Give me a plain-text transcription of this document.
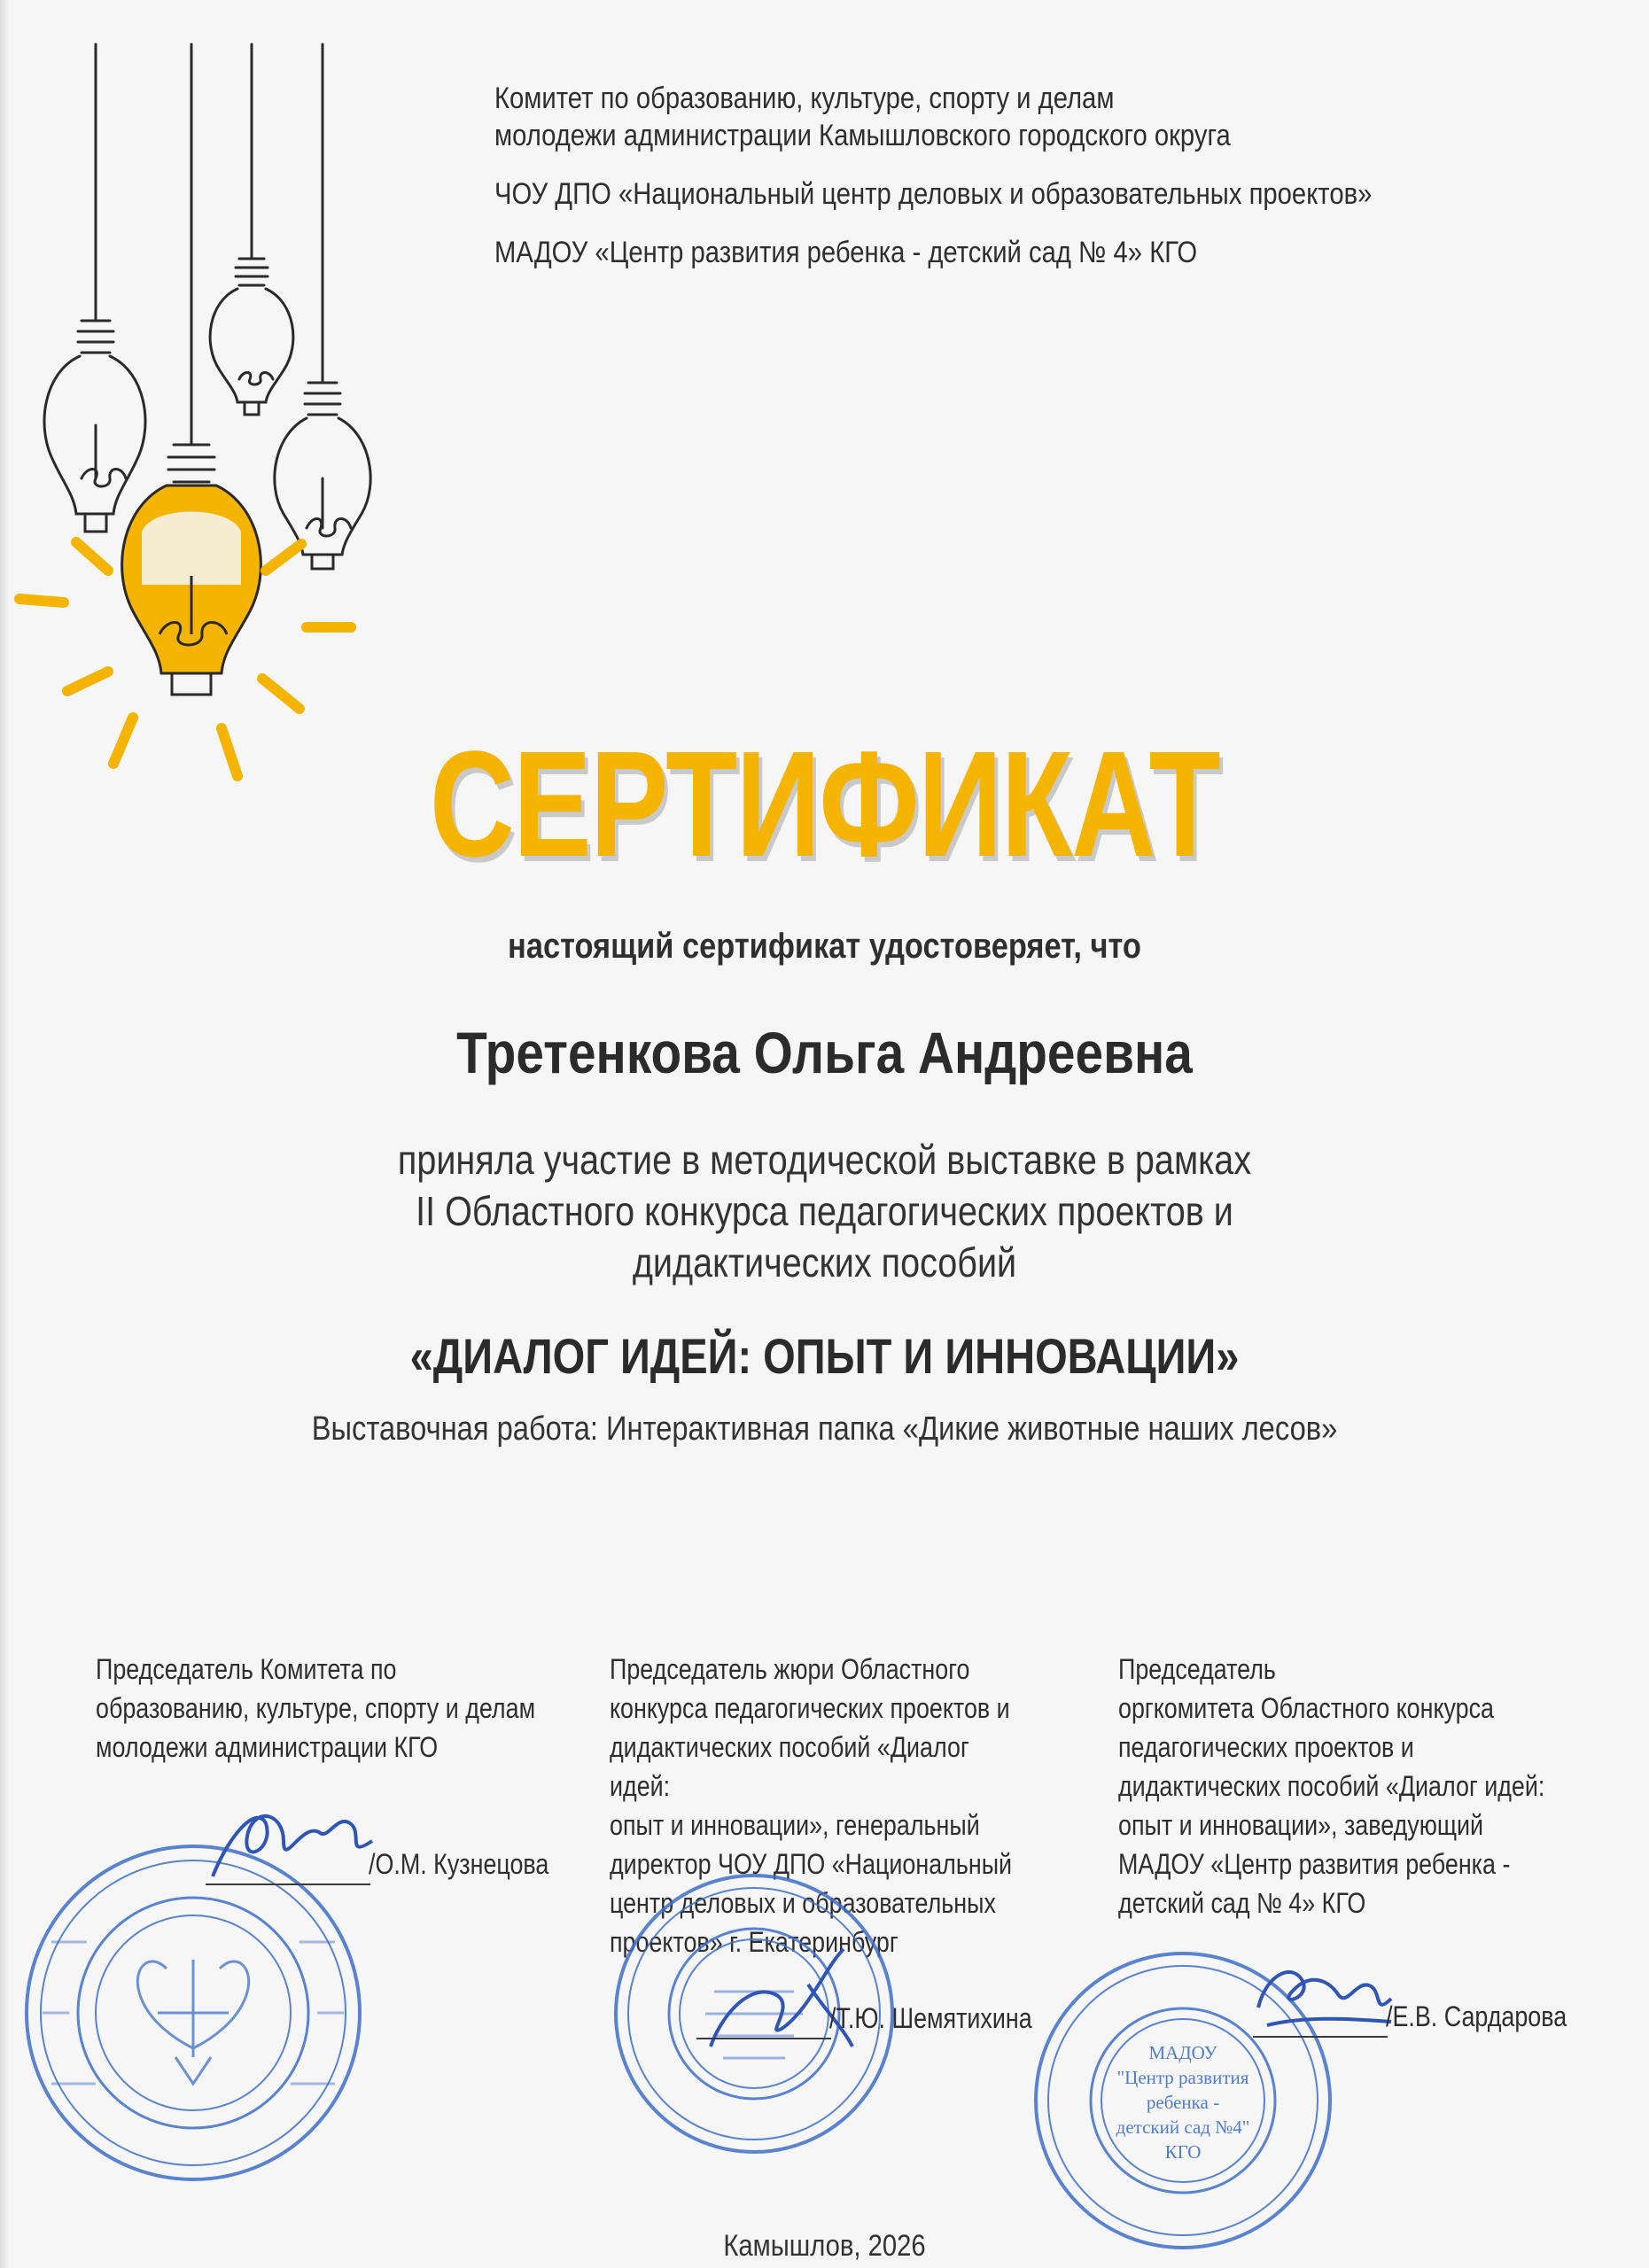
Комитет по образованию, культуре, спорту и делам
молодежи администрации Камышловского городского округа
ЧОУ ДПО «Национальный центр деловых и образовательных проектов»
МАДОУ «Центр развития ребенка - детский сад № 4» КГО
СЕРТИФИКАТ
настоящий сертификат удостоверяет, что
Третенкова Ольга Андреевна
приняла участие в методической выставке в рамках
II Областного конкурса педагогических проектов и
дидактических пособий
«ДИАЛОГ ИДЕЙ: ОПЫТ И ИННОВАЦИИ»
Выставочная работа: Интерактивная папка «Дикие животные наших лесов»
Председатель Комитета по
образованию, культуре, спорту и делам
молодежи администрации КГО
Председатель жюри Областного
конкурса педагогических проектов и
дидактических пособий «Диалог идей:
опыт и инновации», генеральный
директор ЧОУ ДПО «Национальный
центр деловых и образовательных
проектов» г. Екатеринбург
Председатель
оргкомитета Областного конкурса
педагогических проектов и
дидактических пособий «Диалог идей:
опыт и инновации», заведующий
МАДОУ «Центр развития ребенка -
детский сад № 4» КГО
/О.М. Кузнецова
/Т.Ю. Шемятихина
МАДОУ
"Центр развития
ребенка -
детский сад №4"
КГО
/Е.В. Сардарова
Камышлов, 2026
